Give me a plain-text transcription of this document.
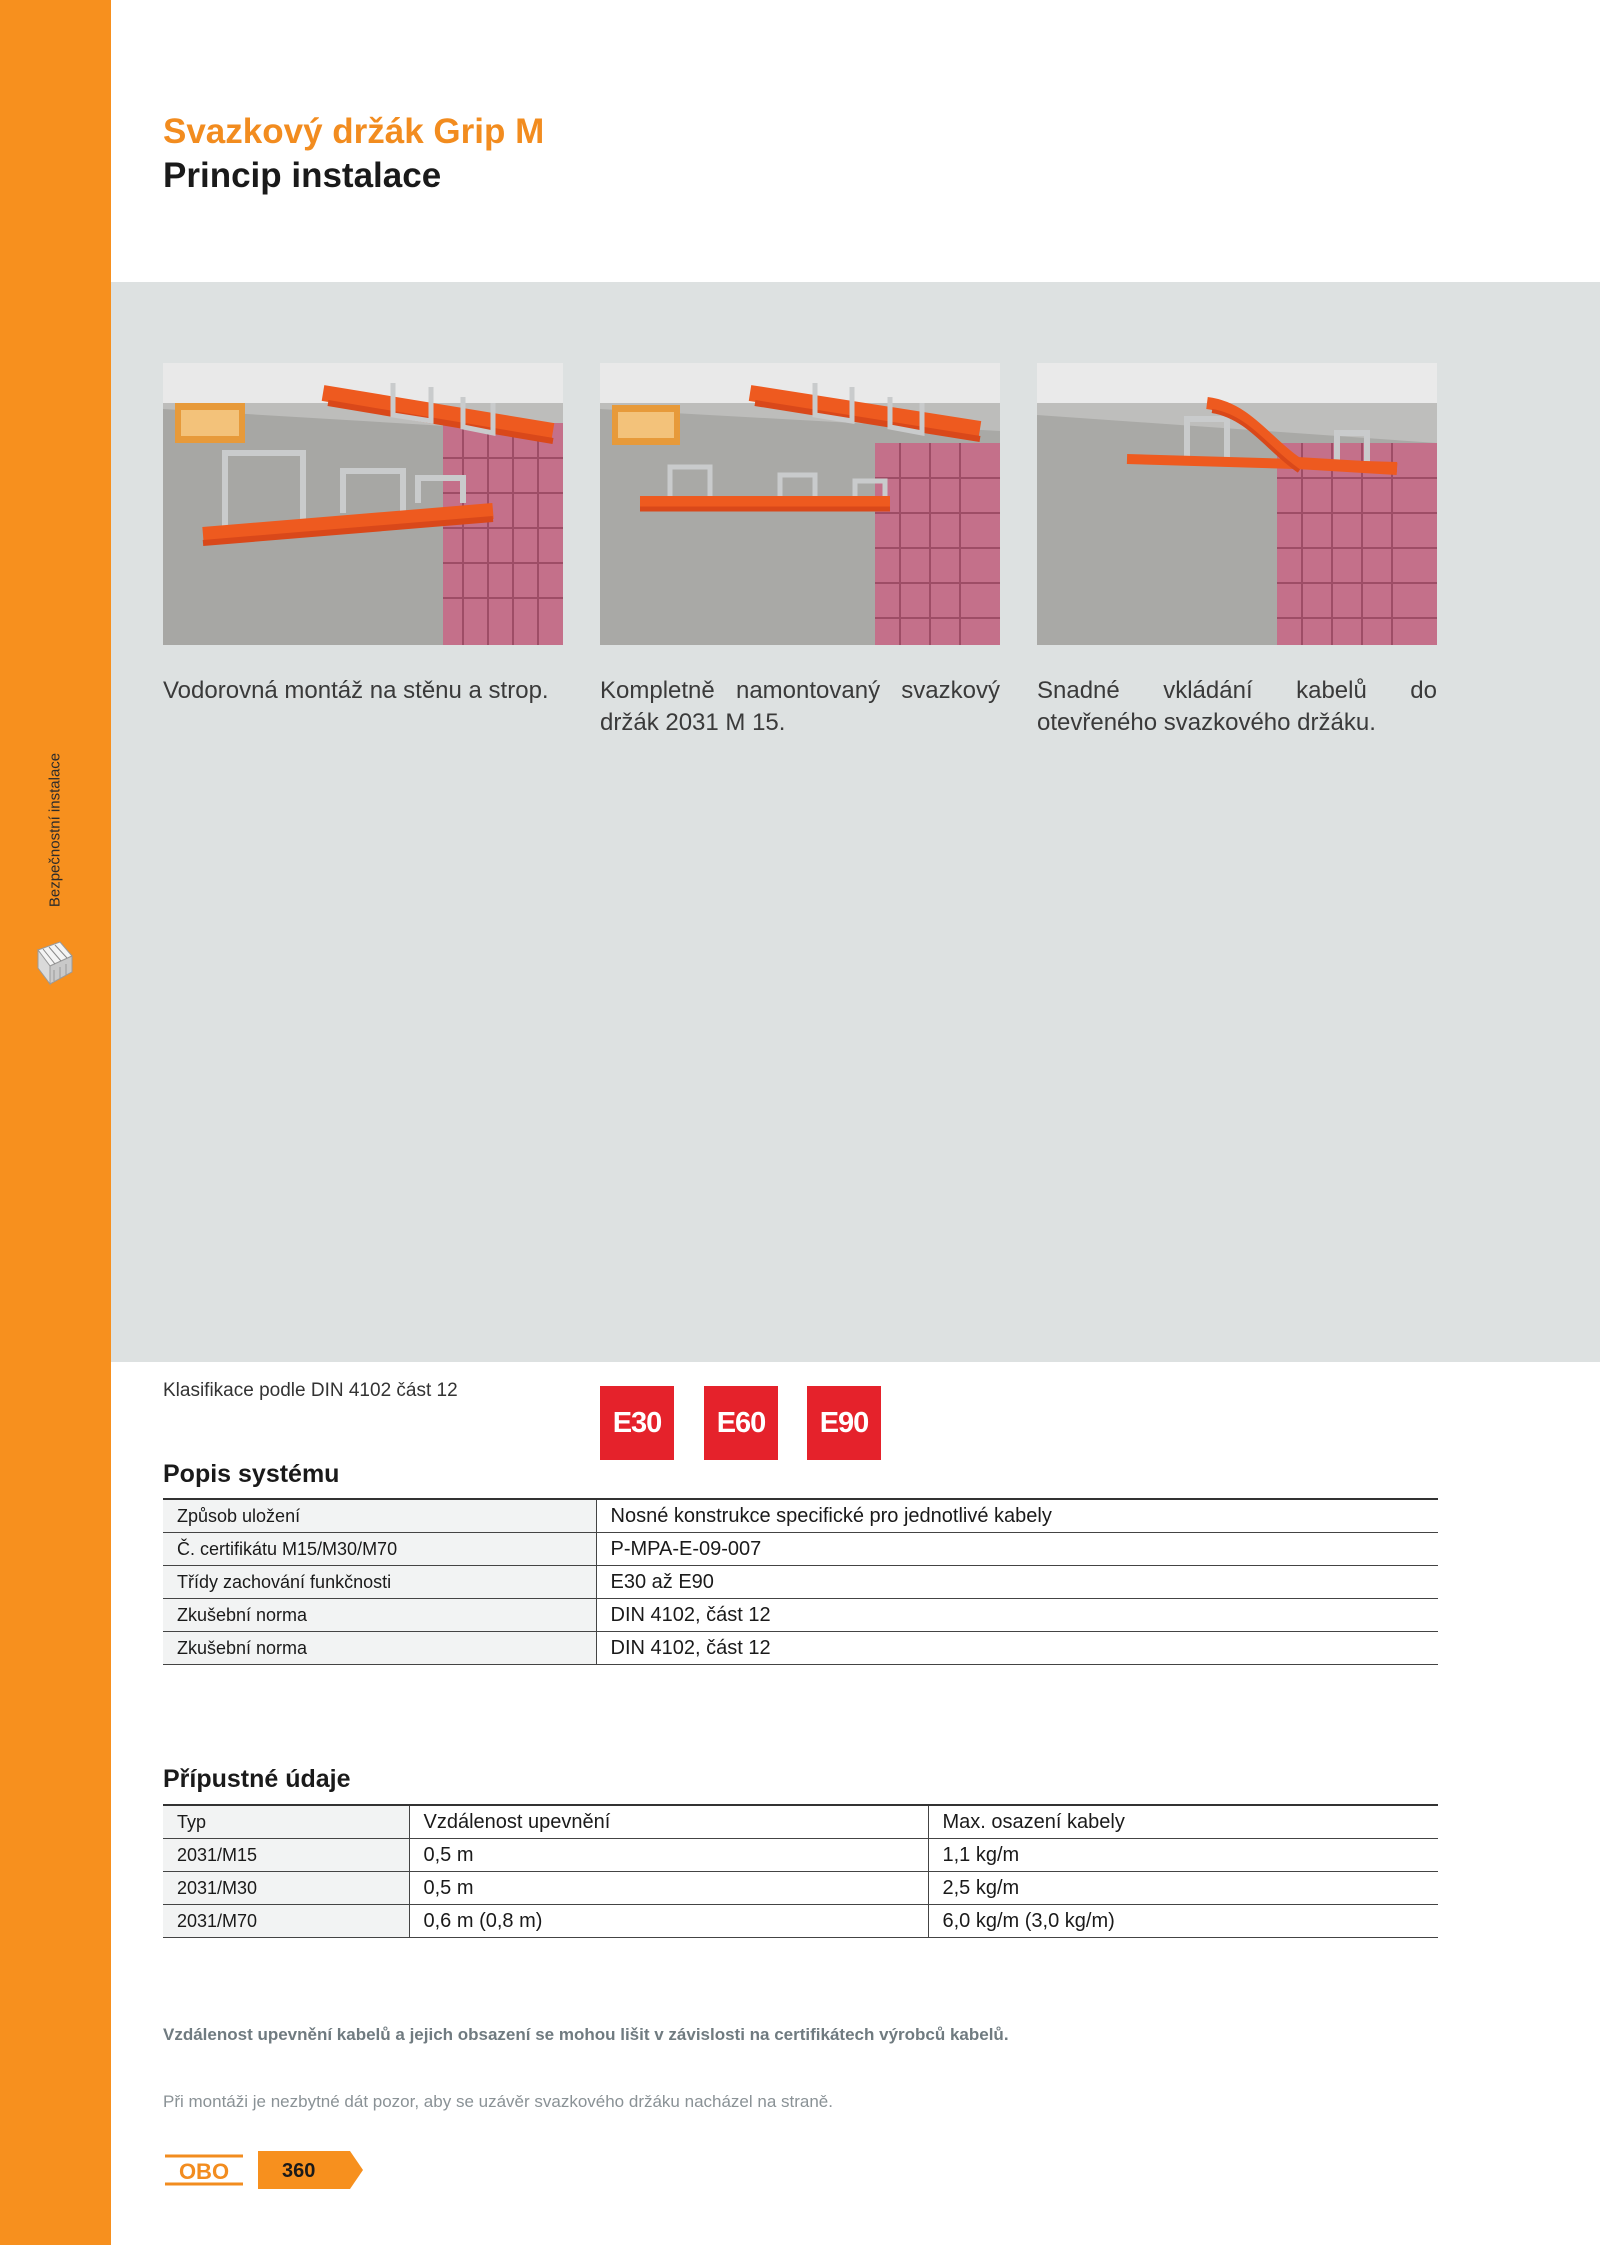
Bezpečnostní instalace
Svazkový držák Grip M
Princip instalace
Vodorovná montáž na stěnu a strop.	Kompletně namontovaný svazkový držák 2031 M 15.
Snadné vkládání kabelů do otevřeného svazkového držáku.
Klasifikace podle DIN 4102 část 12
E30	E60	E90
Popis systému
Způsob uložení	Nosné konstrukce specifické pro jednotlivé kabely
Č. certifikátu M15/M30/M70	P-MPA-E-09-007
Třídy zachování funkčnosti	E30 až E90
Zkušební norma	DIN 4102, část 12
Zkušební norma	DIN 4102, část 12
Přípustné údaje
Typ	Vzdálenost upevnění	Max. osazení kabely
2031/M15	0,5 m	1,1 kg/m
2031/M30	0,5 m	2,5 kg/m
2031/M70	0,6 m (0,8 m)	6,0 kg/m (3,0 kg/m)
Vzdálenost upevnění kabelů a jejich obsazení se mohou lišit v závislosti na certifikátech výrobců kabelů.
Při montáži je nezbytné dát pozor, aby se uzávěr svazkového držáku nacházel na straně.
OBO	360
